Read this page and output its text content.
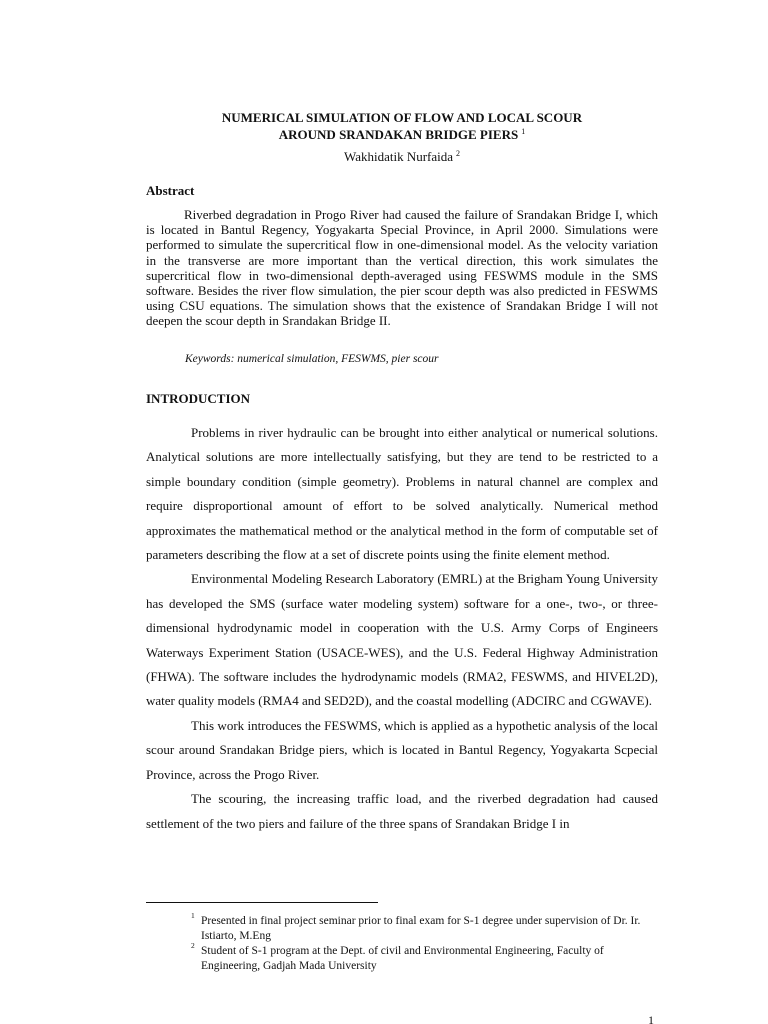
NUMERICAL SIMULATION OF FLOW AND LOCAL SCOUR
AROUND SRANDAKAN BRIDGE PIERS $^1$

Wakhidatik Nurfaida $^2$

Abstract

Riverbed degradation in Progo River had caused the failure of Srandakan Bridge I, which is located in Bantul Regency, Yogyakarta Special Province, in April 2000. Simulations were performed to simulate the supercritical flow in one-dimensional model. As the velocity variation in the transverse are more important than the vertical direction, this work simulates the supercritical flow in two-dimensional depth-averaged using FESWMS module in the SMS software. Besides the river flow simulation, the pier scour depth was also predicted in FESWMS using CSU equations. The simulation shows that the existence of Srandakan Bridge I will not deepen the scour depth in Srandakan Bridge II.

Keywords: numerical simulation, FESWMS, pier scour

INTRODUCTION

Problems in river hydraulic can be brought into either analytical or numerical solutions. Analytical solutions are more intellectually satisfying, but they are tend to be restricted to a simple boundary condition (simple geometry). Problems in natural channel are complex and require disproportional amount of effort to be solved analytically. Numerical method approximates the mathematical method or the analytical method in the form of computable set of parameters describing the flow at a set of discrete points using the finite element method.

Environmental Modeling Research Laboratory (EMRL) at the Brigham Young University has developed the SMS (surface water modeling system) software for a one-, two-, or three-dimensional hydrodynamic model in cooperation with the U.S. Army Corps of Engineers Waterways Experiment Station (USACE-WES), and the U.S. Federal Highway Administration (FHWA). The software includes the hydrodynamic models (RMA2, FESWMS, and HIVEL2D), water quality models (RMA4 and SED2D), and the coastal modelling (ADCIRC and CGWAVE).

This work introduces the FESWMS, which is applied as a hypothetic analysis of the local scour around Srandakan Bridge piers, which is located in Bantul Regency, Yogyakarta Scpecial Province, across the Progo River.

The scouring, the increasing traffic load, and the riverbed degradation had caused settlement of the two piers and failure of the three spans of Srandakan Bridge I in

1 Presented in final project seminar prior to final exam for S-1 degree under supervision of Dr. Ir. Istiarto, M.Eng

2 Student of S-1 program at the Dept. of civil and Environmental Engineering, Faculty of Engineering, Gadjah Mada University

1
